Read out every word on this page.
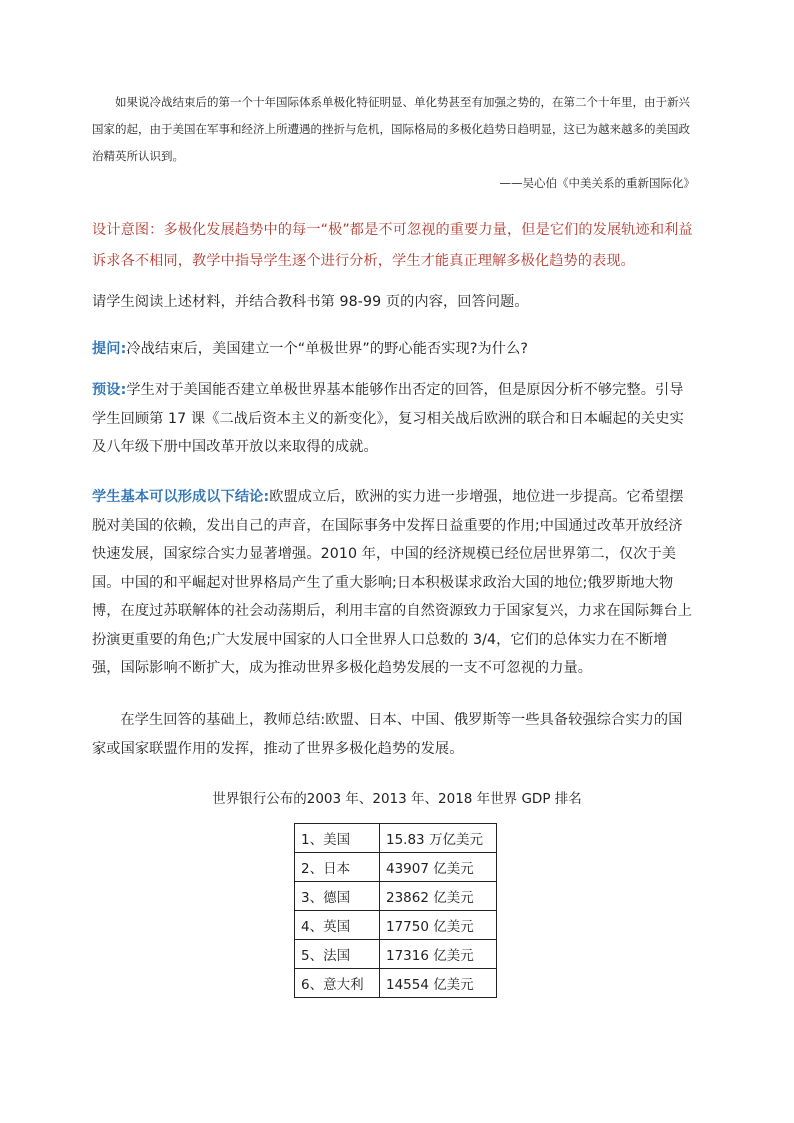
如果说冷战结束后的第一个十年国际体系单极化特征明显、单化势甚至有加强之势的，在第二个十年里，由于新兴国家的起，由于美国在军事和经济上所遭遇的挫折与危机，国际格局的多极化趋势日趋明显，这已为越来越多的美国政治精英所认识到。

——吴心伯《中美关系的重新国际化》

设计意图：多极化发展趋势中的每一“极”都是不可忽视的重要力量，但是它们的发展轨迹和利益诉求各不相同，教学中指导学生逐个进行分析，学生才能真正理解多极化趋势的表现。

请学生阅读上述材料，并结合教科书第 98-99 页的内容，回答问题。

提问:冷战结束后，美国建立一个“单极世界”的野心能否实现?为什么?

预设:学生对于美国能否建立单极世界基本能够作出否定的回答，但是原因分析不够完整。引导学生回顾第 17 课《二战后资本主义的新变化》，复习相关战后欧洲的联合和日本崛起的关史实及八年级下册中国改革开放以来取得的成就。

学生基本可以形成以下结论:欧盟成立后，欧洲的实力进一步增强，地位进一步提高。它希望摆脱对美国的依赖，发出自己的声音，在国际事务中发挥日益重要的作用;中国通过改革开放经济快速发展，国家综合实力显著增强。2010 年，中国的经济规模已经位居世界第二，仅次于美国。中国的和平崛起对世界格局产生了重大影响;日本积极谋求政治大国的地位;俄罗斯地大物博，在度过苏联解体的社会动荡期后，利用丰富的自然资源致力于国家复兴，力求在国际舞台上扮演更重要的角色;广大发展中国家的人口全世界人口总数的 3/4，它们的总体实力在不断增强，国际影响不断扩大，成为推动世界多极化趋势发展的一支不可忽视的力量。

在学生回答的基础上，教师总结:欧盟、日本、中国、俄罗斯等一些具备较强综合实力的国家或国家联盟作用的发挥，推动了世界多极化趋势的发展。

世界银行公布的2003 年、2013 年、2018 年世界 GDP 排名
1、美国	15.83 万亿美元
2、日本	43907 亿美元
3、德国	23862 亿美元
4、英国	17750 亿美元
5、法国	17316 亿美元
6、意大利	14554 亿美元
